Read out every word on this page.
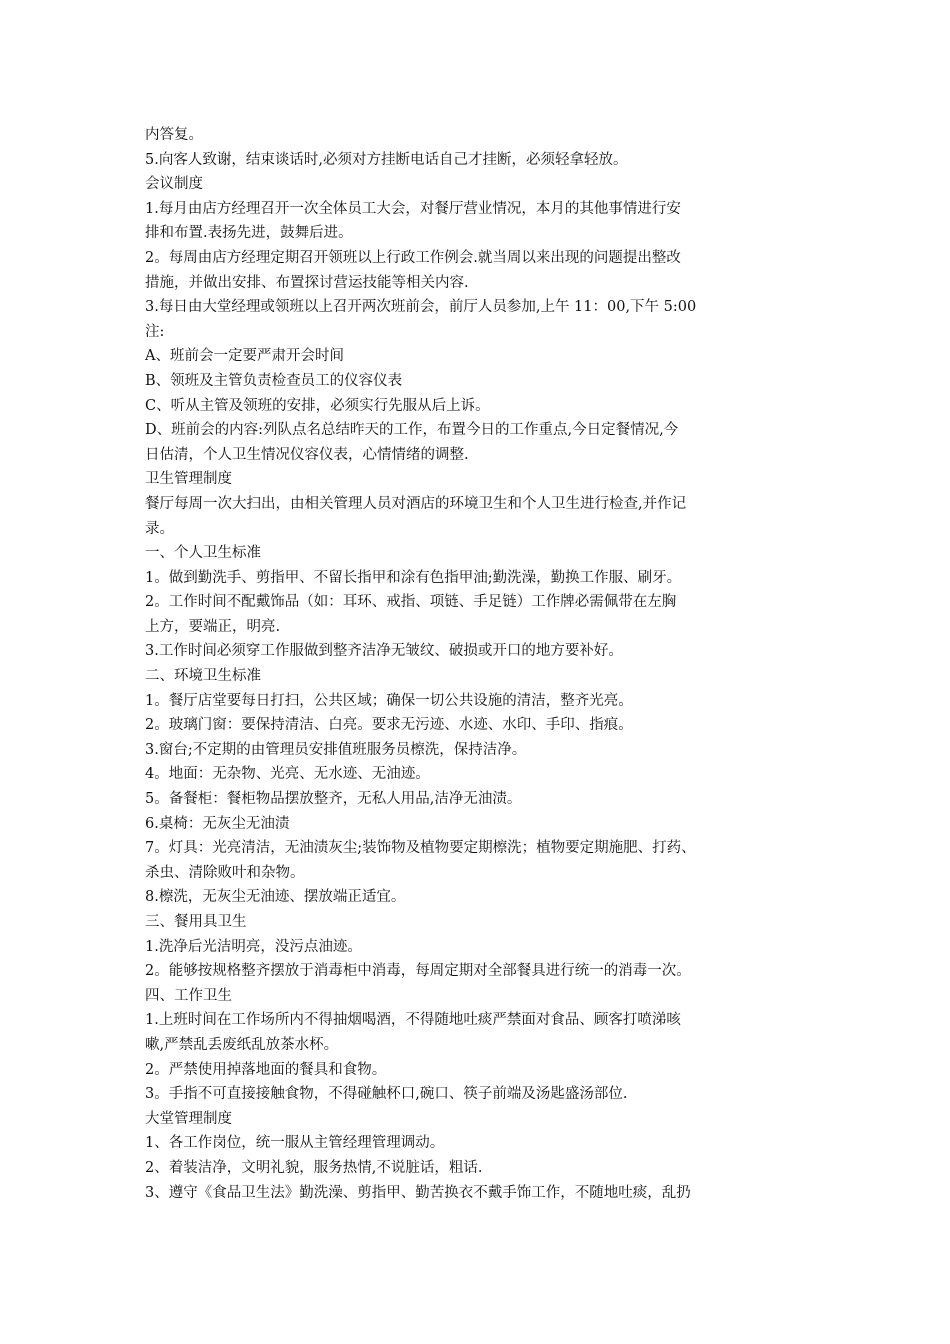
内答复。

5.向客人致谢，结束谈话时,必须对方挂断电话自己才挂断，必须轻拿轻放。

会议制度

1.每月由店方经理召开一次全体员工大会，对餐厅营业情况，本月的其他事情进行安

排和布置.表扬先进，鼓舞后进。

2。每周由店方经理定期召开领班以上行政工作例会.就当周以来出现的问题提出整改

措施，并做出安排、布置探讨营运技能等相关内容.

3.每日由大堂经理或领班以上召开两次班前会，前厅人员参加,上午 11：00,下午 5:00

注:

A、班前会一定要严肃开会时间

B、领班及主管负责检查员工的仪容仪表

C、听从主管及领班的安排，必须实行先服从后上诉。

D、班前会的内容:列队点名总结昨天的工作，布置今日的工作重点,今日定餐情况,今

日估清，个人卫生情况仪容仪表，心情情绪的调整.

卫生管理制度

餐厅每周一次大扫出，由相关管理人员对酒店的环境卫生和个人卫生进行检查,并作记

录。

一、个人卫生标准

1。做到勤洗手、剪指甲、不留长指甲和涂有色指甲油;勤洗澡，勤换工作服、刷牙。

2。工作时间不配戴饰品（如：耳环、戒指、项链、手足链）工作牌必需佩带在左胸

上方，要端正，明亮.

3.工作时间必须穿工作服做到整齐洁净无皱纹、破损或开口的地方要补好。

二、环境卫生标准

1。餐厅店堂要每日打扫，公共区域；确保一切公共设施的清洁，整齐光亮。

2。玻璃门窗：要保持清洁、白亮。要求无污迹、水迹、水印、手印、指痕。

3.窗台;不定期的由管理员安排值班服务员檫洗，保持洁净。

4。地面：无杂物、光亮、无水迹、无油迹。

5。备餐柜：餐柜物品摆放整齐，无私人用品,洁净无油渍。

6.桌椅：无灰尘无油渍

7。灯具：光亮清洁，无油渍灰尘;装饰物及植物要定期檫洗；植物要定期施肥、打药、

杀虫、清除败叶和杂物。

8.檫洗，无灰尘无油迹、摆放端正适宜。

三、餐用具卫生

1.洗净后光洁明亮，没污点油迹。

2。能够按规格整齐摆放于消毒柜中消毒，每周定期对全部餐具进行统一的消毒一次。

四、工作卫生

1.上班时间在工作场所内不得抽烟喝酒，不得随地吐痰严禁面对食品、顾客打喷涕咳

嗽,严禁乱丢废纸乱放茶水杯。

2。严禁使用掉落地面的餐具和食物。

3。手指不可直接接触食物，不得碰触杯口,碗口、筷子前端及汤匙盛汤部位.

大堂管理制度

1、各工作岗位，统一服从主管经理管理调动。

2、着装洁净，文明礼貌，服务热情,不说脏话，粗话.

3、遵守《食品卫生法》勤洗澡、剪指甲、勤苦换衣不戴手饰工作，不随地吐痰，乱扔
